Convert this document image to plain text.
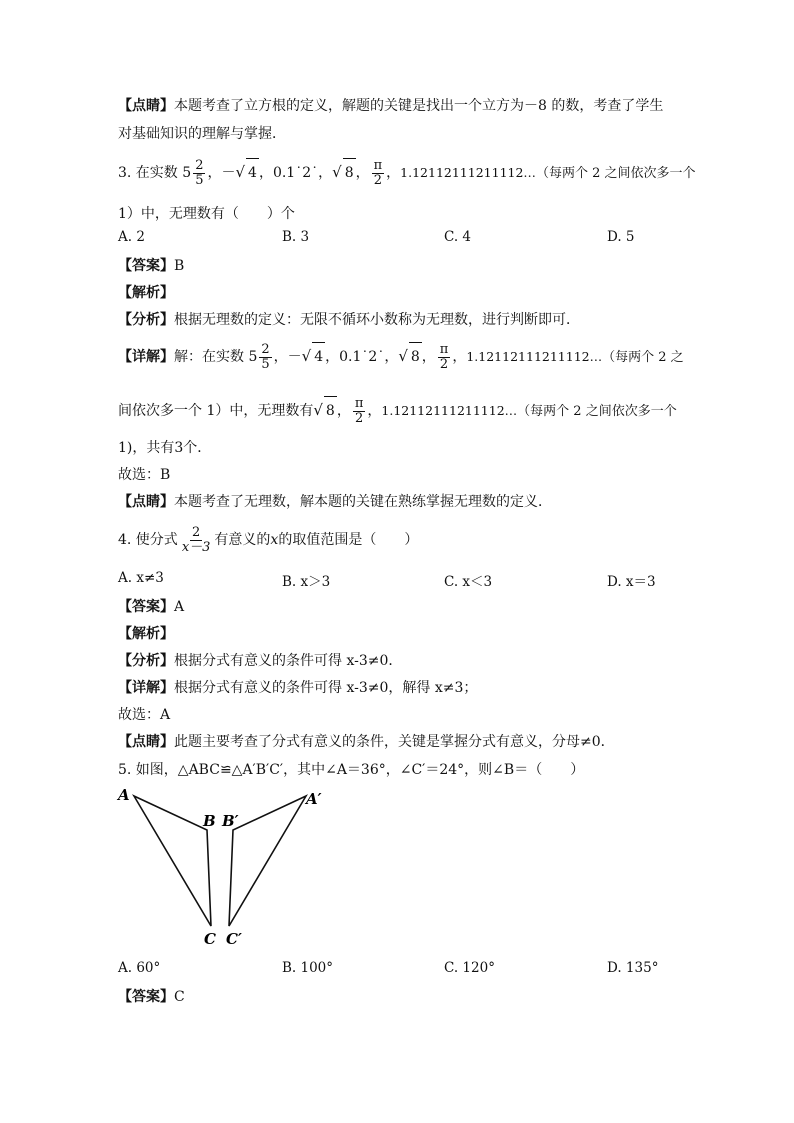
【点睛】本题考查了立方根的定义，解题的关键是找出一个立方为－8 的数，考查了学生
对基础知识的理解与掌握．
3. 在实数 $5 \frac{2}{5}$ ，－√ 4 ，0.1˙2˙，√ 8 ， $\frac{\pi}{2}$ ，1.12112111211112…（每两个 2 之间依次多一个
1）中，无理数有（　　）个
A. 2	B. 3	C. 4	D. 5
【答案】B
【解析】
【分析】根据无理数的定义：无限不循环小数称为无理数，进行判断即可．
【详解】解：在实数 $5 \frac{2}{5}$ ，－√ 4 ，0.1˙2˙，√ 8 ， $\frac{\pi}{2}$ ，1.12112111211112…（每两个 2 之
间依次多一个 1）中，无理数有√ 8 ， $\frac{\pi}{2}$ ，1.12112111211112…（每两个 2 之间依次多一个
1)，共有3个．
故选：B
【点睛】本题考查了无理数，解本题的关键在熟练掌握无理数的定义．
4. 使分式 $\frac{2}{x-3}$ 有意义的x的取值范围是（　　）
A. x≠3	B. x＞3	C. x＜3	D. x＝3
【答案】A
【解析】
【分析】根据分式有意义的条件可得 x-3≠0．
【详解】根据分式有意义的条件可得 x-3≠0，解得 x≠3；
故选：A
【点睛】此题主要考查了分式有意义的条件，关键是掌握分式有意义，分母≠0．
5. 如图，△ABC≌△A′B′C′，其中∠A＝36°，∠C′＝24°，则∠B＝（　　）
A
B
C
A′
B′
C′
A. 60°	B. 100°	C. 120°	D. 135°
【答案】C
